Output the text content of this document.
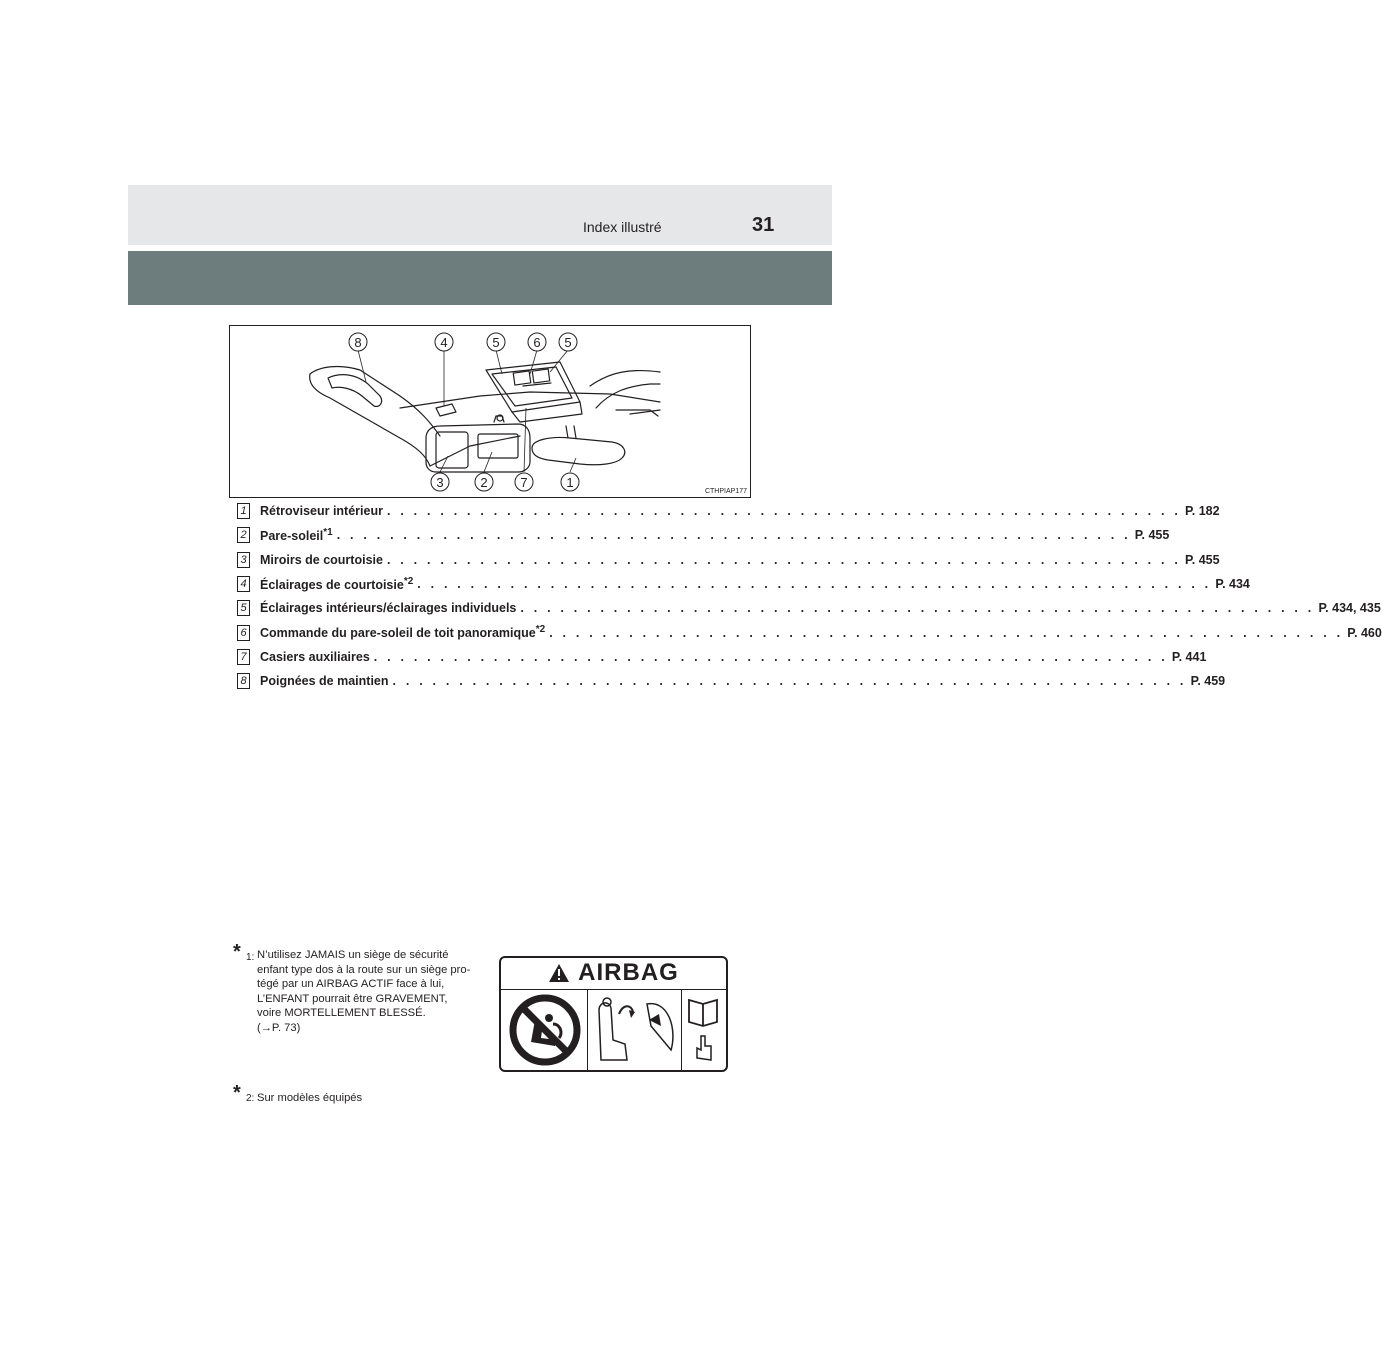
Index illustré	31
8	4	5	6 5
3	2	7	1
CTHPIAP177
1 Rétroviseur intérieur . . . . . . . . . . . . . . . . . . . . . . . . . . . . . . . . . . . . . . . . . . . . . . . . . . . . . . . . . . . . P. 182
2 Pare-soleil$^{*1}$ . . . . . . . . . . . . . . . . . . . . . . . . . . . . . . . . . . . . . . . . . . . . . . . . . . . . . . . . . . . . P. 455
3 Miroirs de courtoisie . . . . . . . . . . . . . . . . . . . . . . . . . . . . . . . . . . . . . . . . . . . . . . . . . . . . . . . . . . . . P. 455
4 Éclairages de courtoisie$^{*2}$ . . . . . . . . . . . . . . . . . . . . . . . . . . . . . . . . . . . . . . . . . . . . . . . . . . . . . . . . . . . . P. 434
5 Éclairages intérieurs/éclairages individuels . . . . . . . . . . . . . . . . . . . . . . . . . . . . . . . . . . . . . . . . . . . . . . . . . . . . . . . . . . . . P. 434, 435
6 Commande du pare-soleil de toit panoramique$^{*2}$ . . . . . . . . . . . . . . . . . . . . . . . . . . . . . . . . . . . . . . . . . . . . . . . . . . . . . . . . . . . . P. 460
7 Casiers auxiliaires . . . . . . . . . . . . . . . . . . . . . . . . . . . . . . . . . . . . . . . . . . . . . . . . . . . . . . . . . . . . P. 441
8 Poignées de maintien . . . . . . . . . . . . . . . . . . . . . . . . . . . . . . . . . . . . . . . . . . . . . . . . . . . . . . . . . . . . P. 459
* 1: N’utilisez JAMAIS un siège de sécurité
enfant type dos à la route sur un siège pro-
tégé par un AIRBAG ACTIF face à lui,
L’ENFANT pourrait être GRAVEMENT,
voire MORTELLEMENT BLESSÉ.
(→P. 73)
AIRBAG
* 2: Sur modèles équipés
